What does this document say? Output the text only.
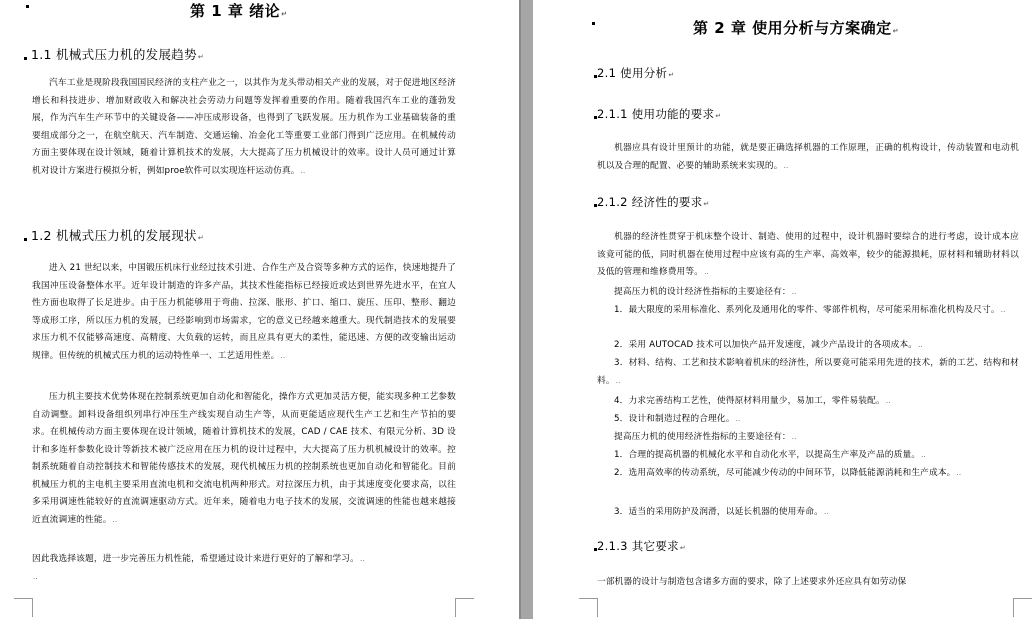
第 1 章 绪论↵
1.1 机械式压力机的发展趋势↵
汽车工业是现阶段我国国民经济的支柱产业之一，以其作为龙头带动相关产业的发展，对于促进地区经济增长和科技进步、增加财政收入和解决社会劳动力问题等发挥着重要的作用。随着我国汽车工业的蓬勃发展，作为汽车生产环节中的关键设备——冲压成形设备，也得到了飞跃发展。压力机作为工业基础装备的重要组成部分之一，在航空航天、汽车制造、交通运输、冶金化工等重要工业部门得到广泛应用。在机械传动方面主要体现在设计领域，随着计算机技术的发展，大大提高了压力机械设计的效率。设计人员可通过计算机对设计方案进行模拟分析，例如proe软件可以实现连杆运动仿真。..
1.2 机械式压力机的发展现状↵
进入 21 世纪以来，中国锻压机床行业经过技术引进、合作生产及合资等多种方式的运作，快速地提升了我国冲压设备整体水平。近年设计制造的许多产品，其技术性能指标已经接近或达到世界先进水平，在宜人性方面也取得了长足进步。由于压力机能够用于弯曲、拉深、胀形、扩口、缩口、旋压、压印、整形、翻边等成形工序，所以压力机的发展，已经影响到市场需求，它的意义已经越来越重大。现代制造技术的发展要求压力机不仅能够高速度、高精度、大负载的运转，而且应具有更大的柔性，能迅速、方便的改变输出运动规律。但传统的机械式压力机的运动特性单一、工艺适用性差。..
压力机主要技术优势体现在控制系统更加自动化和智能化，操作方式更加灵活方便，能实现多种工艺参数自动调整。卸料设备组织列串行冲压生产线实现自动生产等，从而更能适应现代生产工艺和生产节拍的要求。在机械传动方面主要体现在设计领域，随着计算机技术的发展，CAD / CAE 技术、有限元分析、3D 设计和多连杆参数化设计等新技术被广泛应用在压力机的设计过程中，大大提高了压力机机械设计的效率。控制系统随着自动控制技术和智能传感技术的发展，现代机械压力机的控制系统也更加自动化和智能化。目前机械压力机的主电机主要采用直流电机和交流电机两种形式。对拉深压力机，由于其速度变化要求高，以往多采用调速性能较好的直流调速驱动方式。近年来，随着电力电子技术的发展，交流调速的性能也越来越接近直流调速的性能。..
因此我选择该题，进一步完善压力机性能，希望通过设计来进行更好的了解和学习。..
..
第 2 章 使用分析与方案确定↵
2.1 使用分析↵
2.1.1 使用功能的要求↵
机器应具有设计里预计的功能，就是要正确选择机器的工作原理，正确的机构设计，传动装置和电动机机以及合理的配置、必要的辅助系统来实现的。..
2.1.2 经济性的要求↵
机器的经济性贯穿于机床整个设计、制造、使用的过程中，设计机器时要综合的进行考虑，设计成本应该竟可能的低，同时机器在使用过程中应该有高的生产率、高效率，较少的能源损耗，原材料和辅助材料以及低的管理和维修费用等。..
提高压力机的设计经济性指标的主要途径有：..
1．最大限度的采用标准化、系列化及通用化的零件、零部件机构，尽可能采用标准化机构及尺寸。..
2．采用 AUTOCAD 技术可以加快产品开发速度，减少产品设计的各项成本。..
3．材料、结构、工艺和技术影响着机床的经济性，所以要竟可能采用先进的技术，新的工艺、结构和材料。..
4．力求完善结构工艺性，使得原材料用量少，易加工，零件易装配。..
5．设计和制造过程的合理化。..
提高压力机的使用经济性指标的主要途径有：..
1．合理的提高机器的机械化水平和自动化水平，以提高生产率及产品的质量。..
2．选用高效率的传动系统，尽可能减少传动的中间环节，以降低能源消耗和生产成本。..
3．适当的采用防护及润滑，以延长机器的使用寿命。..
2.1.3 其它要求↵
一部机器的设计与制造包含诸多方面的要求，除了上述要求外还应具有如劳动保
